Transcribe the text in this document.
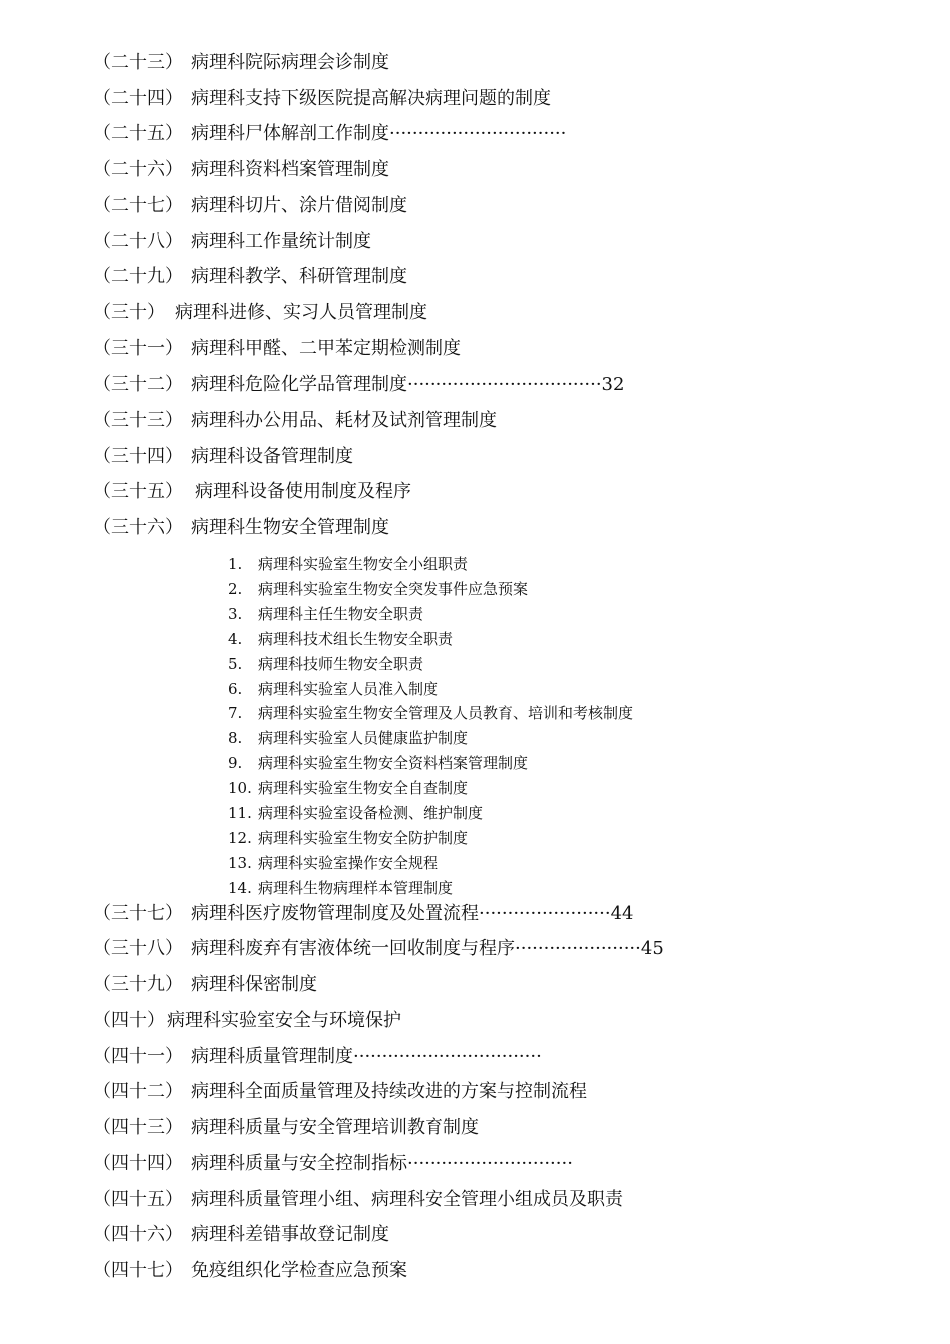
（二十三） 病理科院际病理会诊制度
（二十四） 病理科支持下级医院提高解决病理问题的制度
（二十五） 病理科尸体解剖工作制度·······························
（二十六） 病理科资料档案管理制度
（二十七） 病理科切片、涂片借阅制度
（二十八） 病理科工作量统计制度
（二十九） 病理科教学、科研管理制度
（三十） 病理科进修、实习人员管理制度
（三十一） 病理科甲醛、二甲苯定期检测制度
（三十二） 病理科危险化学品管理制度··································32
（三十三） 病理科办公用品、耗材及试剂管理制度
（三十四） 病理科设备管理制度
（三十五） 病理科设备使用制度及程序
（三十六） 病理科生物安全管理制度
1. 病理科实验室生物安全小组职责
2. 病理科实验室生物安全突发事件应急预案
3. 病理科主任生物安全职责
4. 病理科技术组长生物安全职责
5. 病理科技师生物安全职责
6. 病理科实验室人员准入制度
7. 病理科实验室生物安全管理及人员教育、培训和考核制度
8. 病理科实验室人员健康监护制度
9. 病理科实验室生物安全资料档案管理制度
10. 病理科实验室生物安全自查制度
11. 病理科实验室设备检测、维护制度
12. 病理科实验室生物安全防护制度
13. 病理科实验室操作安全规程
14. 病理科生物病理样本管理制度
（三十七） 病理科医疗废物管理制度及处置流程·······················44
（三十八） 病理科废弃有害液体统一回收制度与程序······················45
（三十九） 病理科保密制度
（四十） 病理科实验室安全与环境保护
（四十一） 病理科质量管理制度·································
（四十二） 病理科全面质量管理及持续改进的方案与控制流程
（四十三） 病理科质量与安全管理培训教育制度
（四十四） 病理科质量与安全控制指标·····························
（四十五） 病理科质量管理小组、病理科安全管理小组成员及职责
（四十六） 病理科差错事故登记制度
（四十七） 免疫组织化学检查应急预案
